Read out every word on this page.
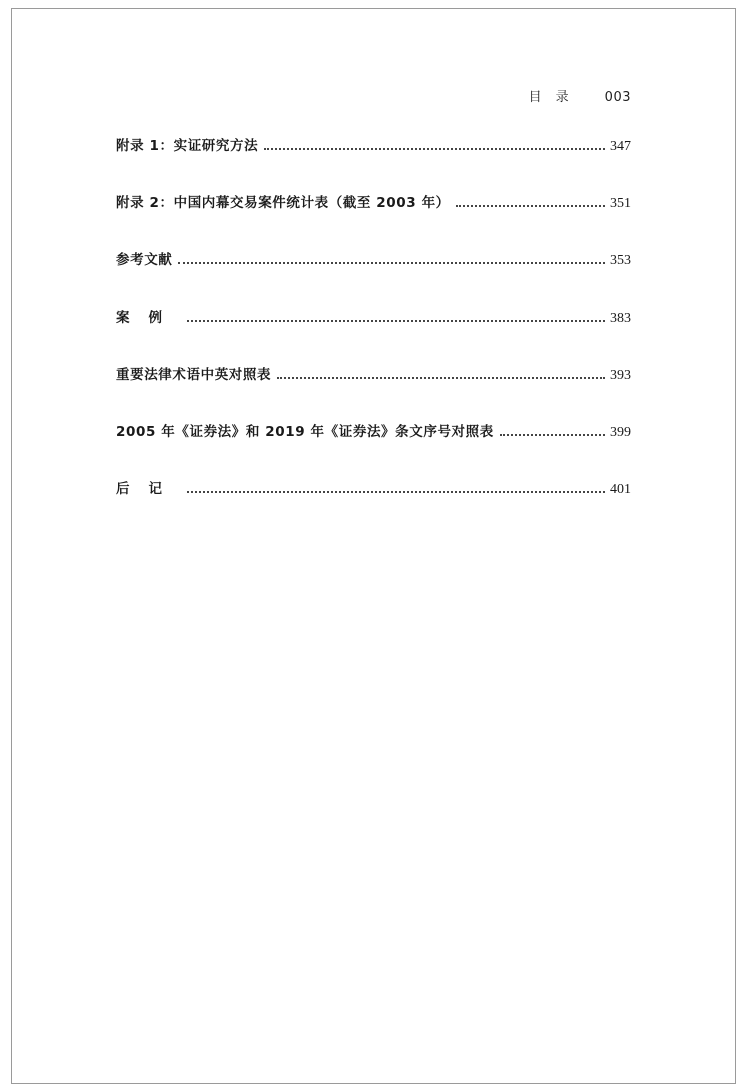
目录 003
附录 1：实证研究方法	347
附录 2：中国内幕交易案件统计表（截至 2003 年）	351
参考文献	353
案例	383
重要法律术语中英对照表	393
2005 年《证券法》和 2019 年《证券法》条文序号对照表	399
后记	401
